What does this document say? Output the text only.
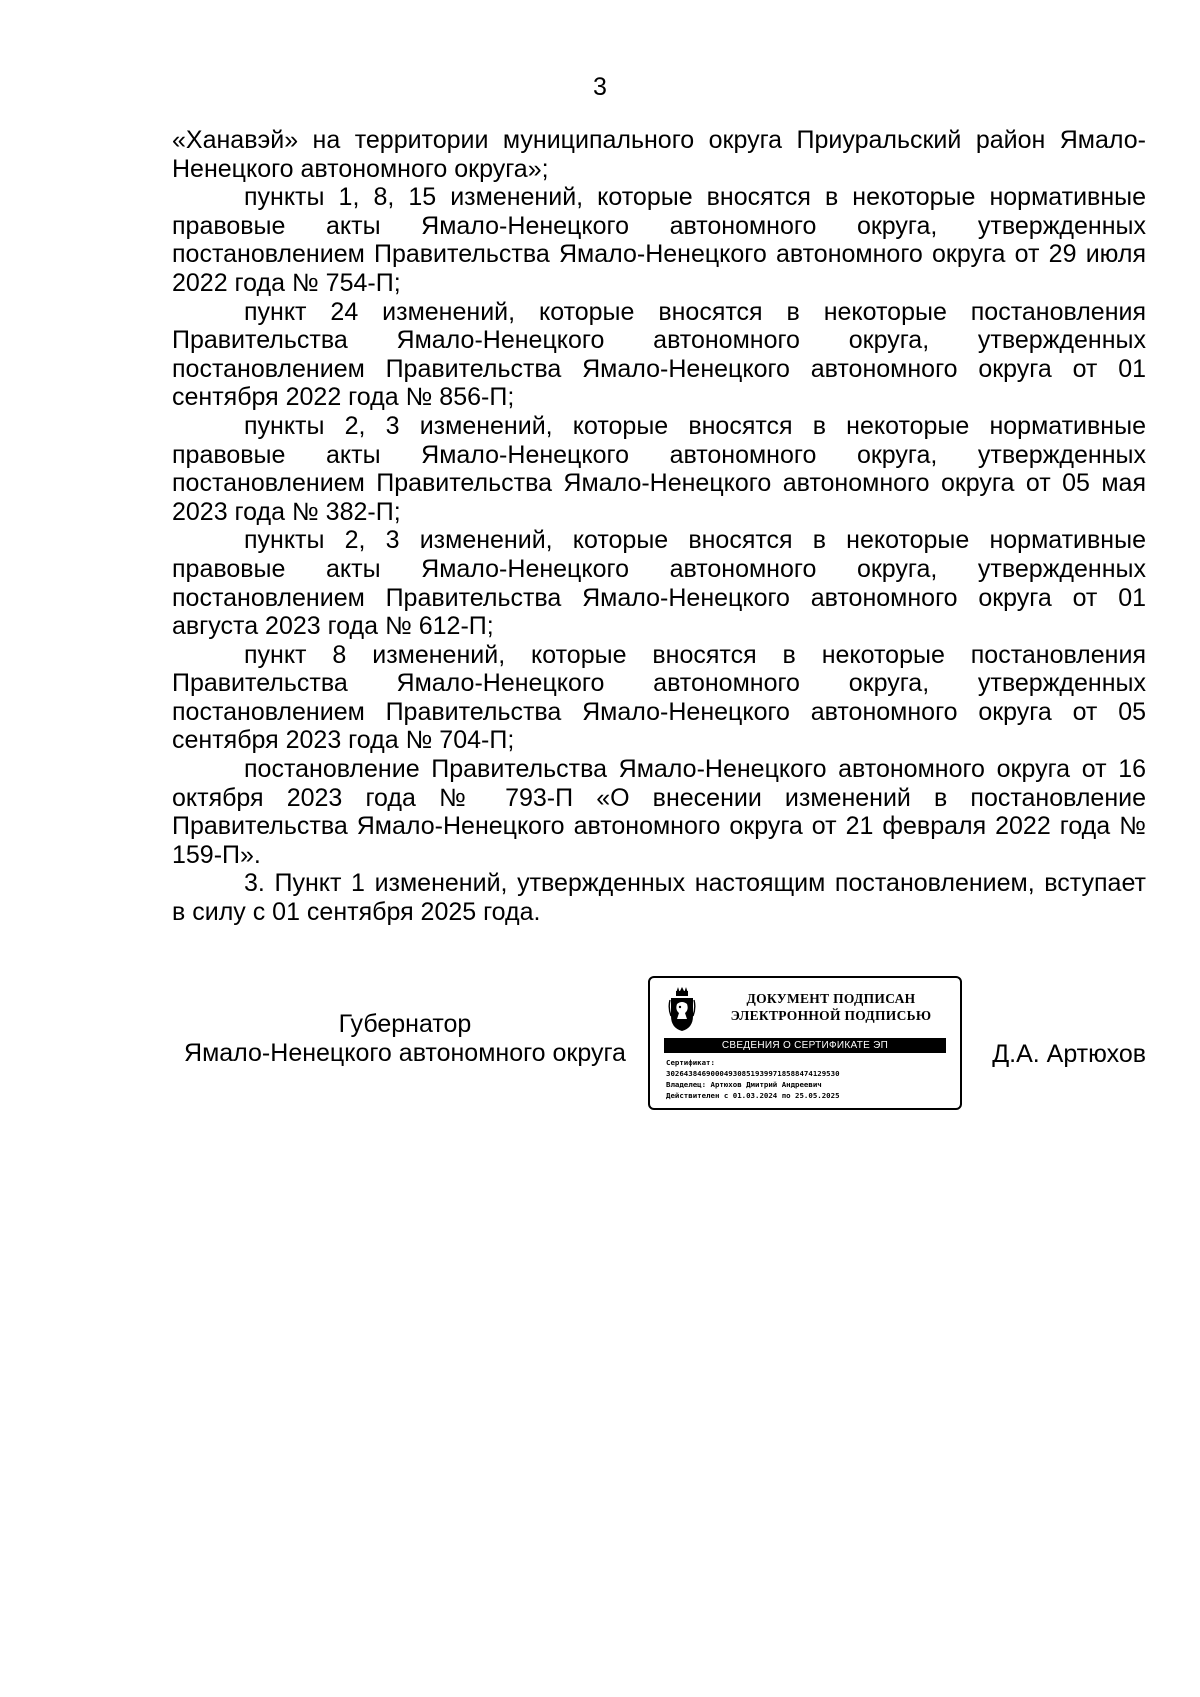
3

«Ханавэй» на территории муниципального округа Приуральский район Ямало-Ненецкого автономного округа»;

пункты 1, 8, 15 изменений, которые вносятся в некоторые нормативные правовые акты Ямало-Ненецкого автономного округа, утвержденных постановлением Правительства Ямало-Ненецкого автономного округа от 29 июля 2022 года № 754-П;

пункт 24 изменений, которые вносятся в некоторые постановления Правительства Ямало-Ненецкого автономного округа, утвержденных постановлением Правительства Ямало-Ненецкого автономного округа от 01 сентября 2022 года № 856-П;

пункты 2, 3 изменений, которые вносятся в некоторые нормативные правовые акты Ямало-Ненецкого автономного округа, утвержденных постановлением Правительства Ямало-Ненецкого автономного округа от 05 мая 2023 года № 382-П;

пункты 2, 3 изменений, которые вносятся в некоторые нормативные правовые акты Ямало-Ненецкого автономного округа, утвержденных постановлением Правительства Ямало-Ненецкого автономного округа от 01 августа 2023 года № 612-П;

пункт 8 изменений, которые вносятся в некоторые постановления Правительства Ямало-Ненецкого автономного округа, утвержденных постановлением Правительства Ямало-Ненецкого автономного округа от 05 сентября 2023 года № 704-П;

постановление Правительства Ямало-Ненецкого автономного округа от 16 октября 2023 года № 793-П «О внесении изменений в постановление Правительства Ямало-Ненецкого автономного округа от 21 февраля 2022 года № 159-П».

3. Пункт 1 изменений, утвержденных настоящим постановлением, вступает в силу с 01 сентября 2025 года.

Губернатор
Ямало-Ненецкого автономного округа
ДОКУМЕНТ ПОДПИСАН
ЭЛЕКТРОННОЙ ПОДПИСЬЮ
СВЕДЕНИЯ О СЕРТИФИКАТЕ ЭП
Сертификат:
3026438469000493085193997185884741295З0
Владелец: Артюхов Дмитрий Андреевич
Действителен с 01.03.2024 по 25.05.2025
Д.А. Артюхов
